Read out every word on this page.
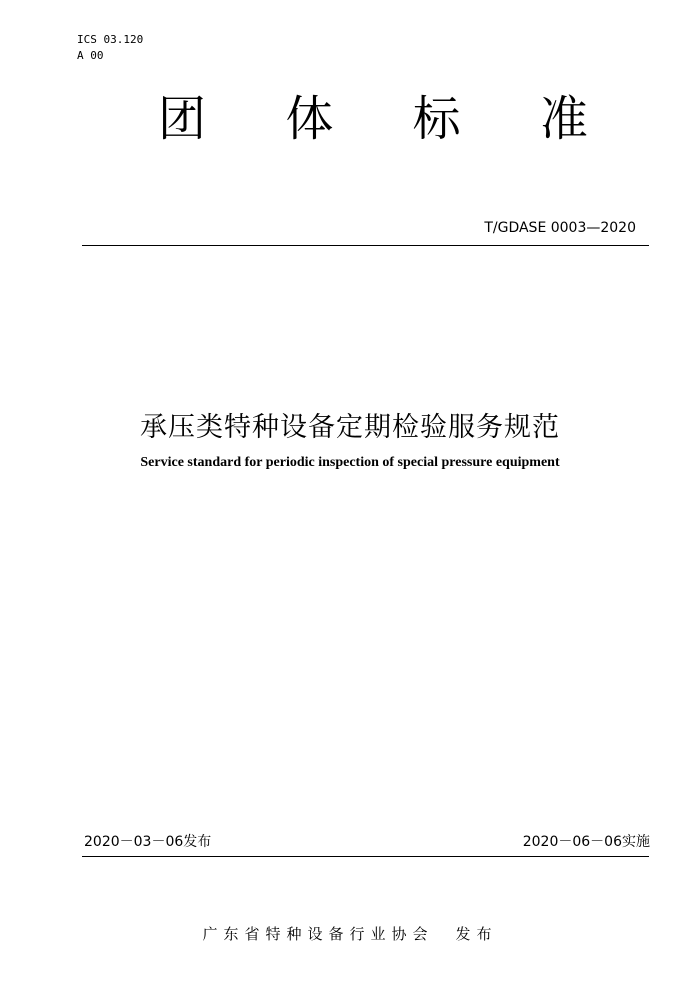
ICS 03.120
A 00
团 体 标 准
T/GDASE 0003—2020
承压类特种设备定期检验服务规范
Service standard for periodic inspection of special pressure equipment
2020－03－06发布	2020－06－06实施
广东省特种设备行业协会 发布
